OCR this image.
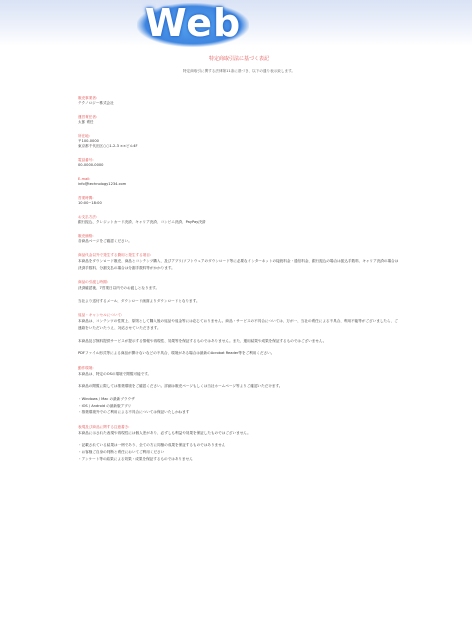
Web

特定商取引法に基づく表記

特定商取引に関する法律第11条に基づき、以下の通り表示致します。

販売事業者:

テクノロジー株式会社

運営責任者:

太郎 責任

所在地:

〒100-0000
東京都千代田区○○1-2-3 ××ビル4F

電話番号:

00-0000-0000

E-mail:

info@technology1234.com

営業時間:

10:00~18:00

お支払方法:

銀行振込、クレジットカード決済、キャリア決済、コンビニ決済、PayPay決済

販売価格:

各商品ページをご確認ください。

商品代金以外で発生する費用と発生する項目:

本商品をダウンロード販売、商品とコンテンツ購入、及びアプリ/ソフトウェアのダウンロード等に必要なインターネットの接続料金・通信料金、銀行振込の場合は振込手数料、キャリア決済の場合は決済手数料、分割支払の場合は分割手数料等がかかります。

商品の引渡し時期:

決済確認後、7営業日以内でのお渡しとなります。

当社より送付するメール、ダウンロード画面よりダウンロードとなります。

返品・キャンセルについて:

本商品は、コンテンツの性質上、原則として購入後の返品や返金等には応じておりません。商品・サービスの不具合については、万が一、当社の責任による不具合、利用不能等がございましたら、ご連絡をいただいたうえ、対応させていただきます。

本商品及び無料提供サービスが提示する情報や再現性、効果等を保証するものではありません。また、運用結果や成果を保証するものではございません。

PDFファイル形式等による商品が開けないなどの不具合、環境がある場合は最新のAcrobat Reader等をご利用ください。

動作環境:

本商品は、特定のOSの環境で閲覧可能です。

本商品の閲覧に際しては推奨環境をご確認ください。詳細は販売ページもしくは当社ホームページ等よりご確認いただけます。

・Windows / Mac の最新ブラウザ
・iOS / Android の最新版アプリ
・推奨環境外でのご利用による不具合については保証いたしかねます

表現及び商品に関する注意書き:

本商品に示された表現や再現性には個人差があり、必ずしも利益や効果を保証したものではございません。

・記載されている結果は一例であり、全ての方に同様の成果を保証するものではありません
・お客様ご自身の判断と責任においてご利用ください
・アンケート等の結果による効果・成果を保証するものではありません
